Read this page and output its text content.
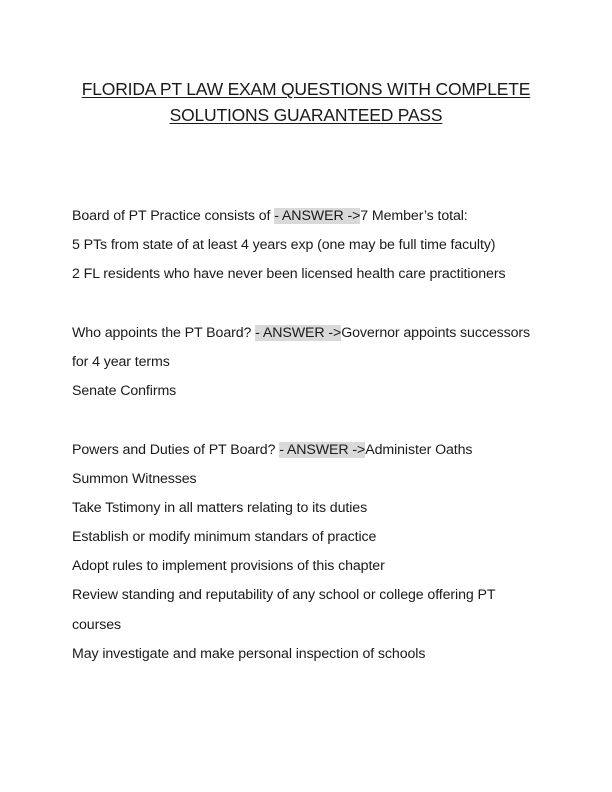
FLORIDA PT LAW EXAM QUESTIONS WITH COMPLETE
SOLUTIONS GUARANTEED PASS
Board of PT Practice consists of - ANSWER ->7 Member’s total:
5 PTs from state of at least 4 years exp (one may be full time faculty)
2 FL residents who have never been licensed health care practitioners
Who appoints the PT Board? - ANSWER ->Governor appoints successors
for 4 year terms
Senate Confirms
Powers and Duties of PT Board? - ANSWER ->Administer Oaths
Summon Witnesses
Take Tstimony in all matters relating to its duties
Establish or modify minimum standars of practice
Adopt rules to implement provisions of this chapter
Review standing and reputability of any school or college offering PT
courses
May investigate and make personal inspection of schools
